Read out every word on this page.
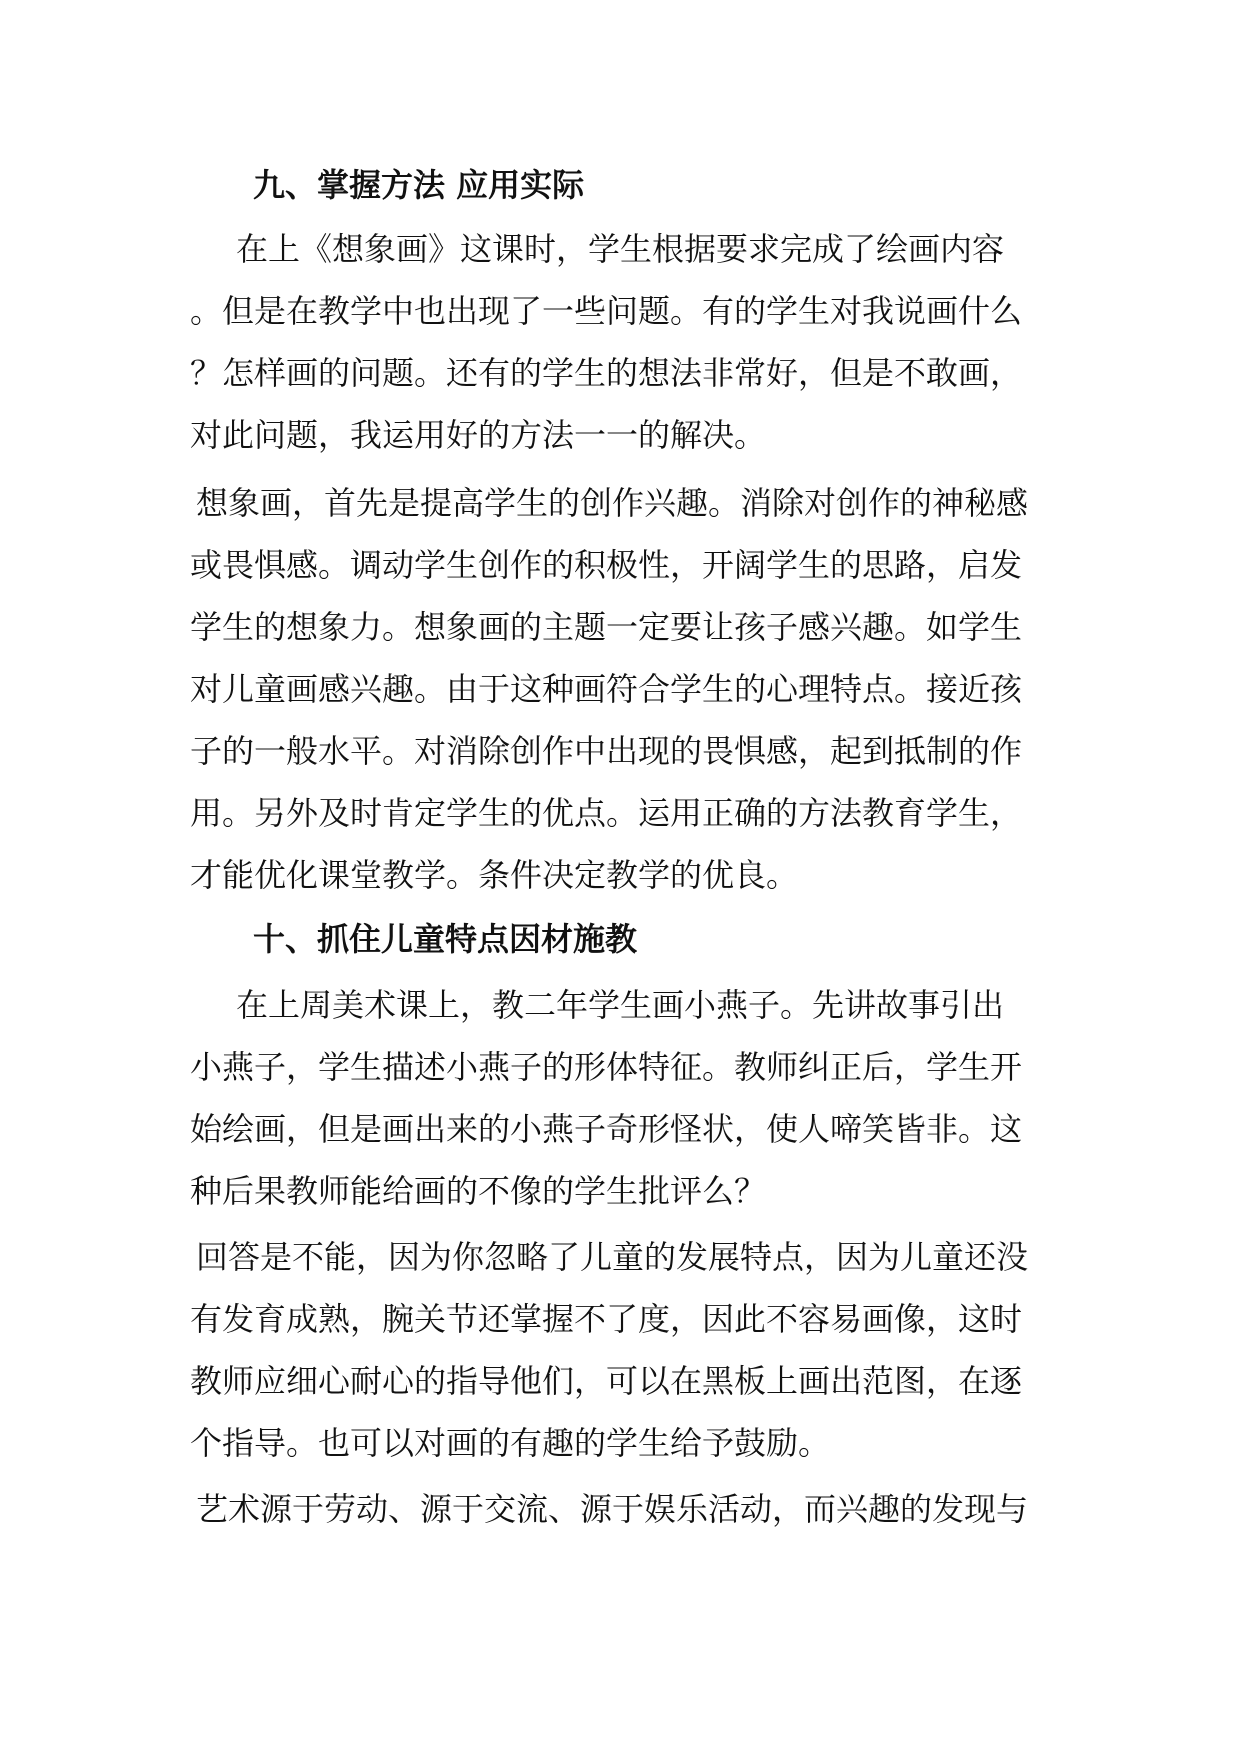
九、掌握方法 应用实际
在上《想象画》这课时，学生根据要求完成了绘画内容
。但是在教学中也出现了一些问题。有的学生对我说画什么
？怎样画的问题。还有的学生的想法非常好，但是不敢画，
对此问题，我运用好的方法一一的解决。
想象画，首先是提高学生的创作兴趣。消除对创作的神秘感
或畏惧感。调动学生创作的积极性，开阔学生的思路，启发
学生的想象力。想象画的主题一定要让孩子感兴趣。如学生
对儿童画感兴趣。由于这种画符合学生的心理特点。接近孩
子的一般水平。对消除创作中出现的畏惧感，起到抵制的作
用。另外及时肯定学生的优点。运用正确的方法教育学生，
才能优化课堂教学。条件决定教学的优良。
十、抓住儿童特点因材施教
在上周美术课上，教二年学生画小燕子。先讲故事引出
小燕子，学生描述小燕子的形体特征。教师纠正后，学生开
始绘画，但是画出来的小燕子奇形怪状，使人啼笑皆非。这
种后果教师能给画的不像的学生批评么？
回答是不能，因为你忽略了儿童的发展特点，因为儿童还没
有发育成熟，腕关节还掌握不了度，因此不容易画像，这时
教师应细心耐心的指导他们，可以在黑板上画出范图，在逐
个指导。也可以对画的有趣的学生给予鼓励。
艺术源于劳动、源于交流、源于娱乐活动，而兴趣的发现与
